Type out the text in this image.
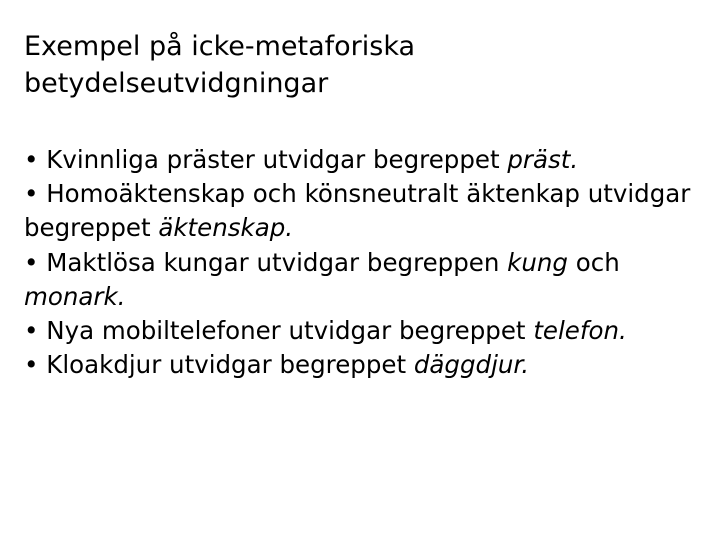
Exempel på icke-metaforiska betydelseutvidgningar
• Kvinnliga präster utvidgar begreppet präst.
• Homoäktenskap och könsneutralt äktenkap utvidgar begreppet äktenskap.
• Maktlösa kungar utvidgar begreppen kung och monark.
• Nya mobiltelefoner utvidgar begreppet telefon.
• Kloakdjur utvidgar begreppet däggdjur.
